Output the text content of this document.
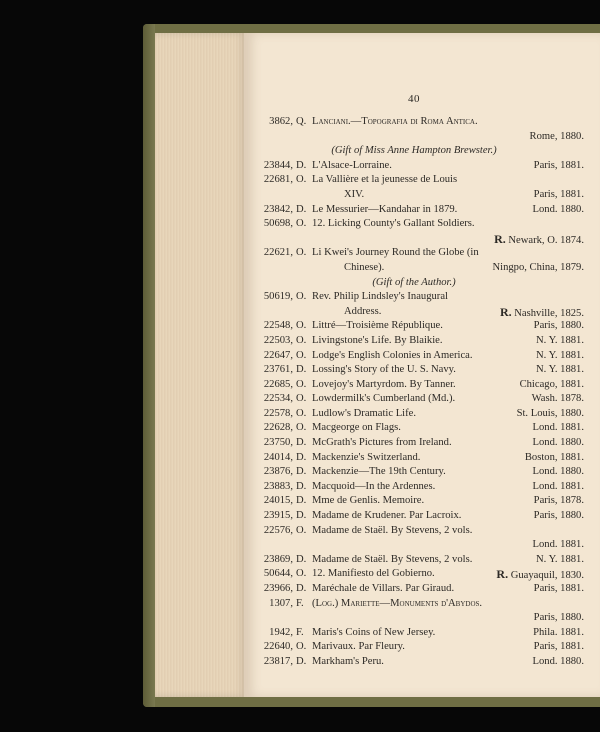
40
3862, Q. Lanciani.—Topografia di Roma Antica.
Rome, 1880.
(Gift of Miss Anne Hampton Brewster.)
23844, D. L'Alsace-Lorraine.	Paris, 1881.
22681, O. La Vallière et la jeunesse de Louis
XIV.	Paris, 1881.
23842, D. Le Messurier—Kandahar in 1879.	Lond. 1880.
50698, O. 12. Licking County's Gallant Soldiers.
R. Newark, O. 1874.
22621, O. Li Kwei's Journey Round the Globe (in
Chinese).	Ningpo, China, 1879.
(Gift of the Author.)
50619, O. Rev. Philip Lindsley's Inaugural
Address.	R. Nashville, 1825.
22548, O. Littré—Troisième République.	Paris, 1880.
22503, O. Livingstone's Life. By Blaikie.	N. Y. 1881.
22647, O. Lodge's English Colonies in America.	N. Y. 1881.
23761, D. Lossing's Story of the U. S. Navy.	N. Y. 1881.
22685, O. Lovejoy's Martyrdom. By Tanner.	Chicago, 1881.
22534, O. Lowdermilk's Cumberland (Md.).	Wash. 1878.
22578, O. Ludlow's Dramatic Life.	St. Louis, 1880.
22628, O. Macgeorge on Flags.	Lond. 1881.
23750, D. McGrath's Pictures from Ireland.	Lond. 1880.
24014, D. Mackenzie's Switzerland.	Boston, 1881.
23876, D. Mackenzie—The 19th Century.	Lond. 1880.
23883, D. Macquoid—In the Ardennes.	Lond. 1881.
24015, D. Mme de Genlis. Memoire.	Paris, 1878.
23915, D. Madame de Krudener. Par Lacroix.	Paris, 1880.
22576, O. Madame de Staël. By Stevens, 2 vols.
Lond. 1881.
23869, D. Madame de Staël. By Stevens, 2 vols.	N. Y. 1881.
50644, O. 12. Manifiesto del Gobierno.	R. Guayaquil, 1830.
23966, D. Maréchale de Villars. Par Giraud.	Paris, 1881.
1307, F. (Log.) Mariette—Monuments d'Abydos.
Paris, 1880.
1942, F. Maris's Coins of New Jersey.	Phila. 1881.
22640, O. Marivaux. Par Fleury.	Paris, 1881.
23817, D. Markham's Peru.	Lond. 1880.
